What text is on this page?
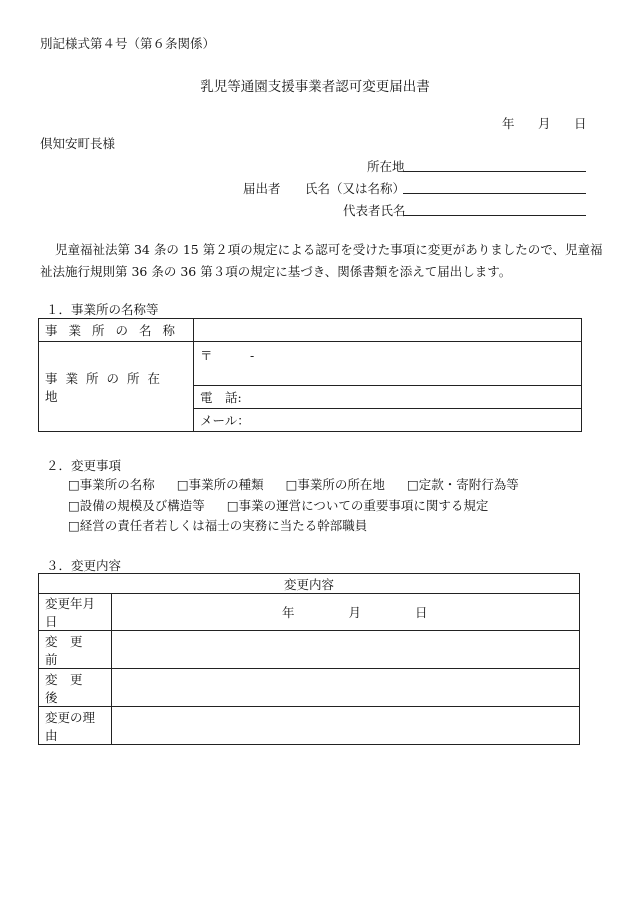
別記様式第４号（第６条関係）
乳児等通園支援事業者認可変更届出書
年 月 日
倶知安町長様
所在地
届出者 氏名（又は名称）
代表者氏名
児童福祉法第 34 条の 15 第２項の規定による認可を受けた事項に変更がありましたので、児童福
祉法施行規則第 36 条の 36 第３項の規定に基づき、関係書類を添えて届出します。
１．事業所の名称等
事業所の名称	
事業所の所在地	〒　　　-
	電　話:
	メール：
２．変更事項
□事業所の名称 □事業所の種類 □事業所の所在地 □定款・寄附行為等
□設備の規模及び構造等 □事業の運営についての重要事項に関する規定
□経営の責任者若しくは福士の実務に当たる幹部職員
３．変更内容
変更内容	
変更年月日	年 月 日
変　更　前	
変　更　後	
変更の理由	
